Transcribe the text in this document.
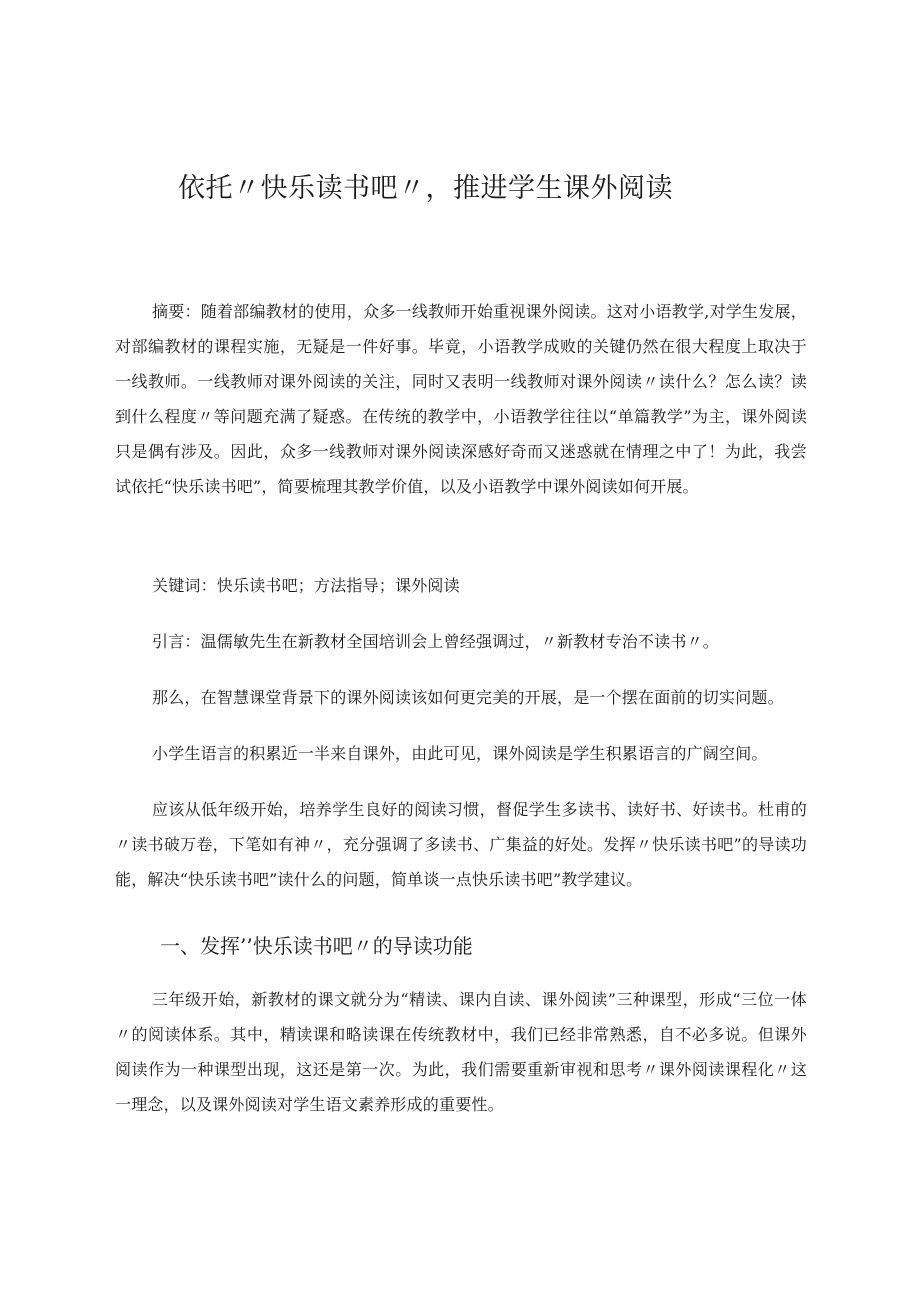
依托〃快乐读书吧〃，推进学生课外阅读

摘要：随着部编教材的使用，众多一线教师开始重视课外阅读。这对小语教学,对学生发展，对部编教材的课程实施，无疑是一件好事。毕竟，小语教学成败的关键仍然在很大程度上取决于一线教师。一线教师对课外阅读的关注，同时又表明一线教师对课外阅读〃读什么？怎么读？读到什么程度〃等问题充满了疑惑。在传统的教学中，小语教学往往以“单篇教学”为主，课外阅读只是偶有涉及。因此，众多一线教师对课外阅读深感好奇而又迷惑就在情理之中了！为此，我尝试依托“快乐读书吧”，简要梳理其教学价值，以及小语教学中课外阅读如何开展。

关键词：快乐读书吧；方法指导；课外阅读

引言：温儒敏先生在新教材全国培训会上曾经强调过，〃新教材专治不读书〃。

那么，在智慧课堂背景下的课外阅读该如何更完美的开展，是一个摆在面前的切实问题。

小学生语言的积累近一半来自课外，由此可见，课外阅读是学生积累语言的广阔空间。

应该从低年级开始，培养学生良好的阅读习惯，督促学生多读书、读好书、好读书。杜甫的〃读书破万卷，下笔如有神〃，充分强调了多读书、广集益的好处。发挥〃快乐读书吧”的导读功能，解决“快乐读书吧”读什么的问题，简单谈一点快乐读书吧”教学建议。

一、发挥’’快乐读书吧〃的导读功能

三年级开始，新教材的课文就分为“精读、课内自读、课外阅读”三种课型，形成“三位一体〃的阅读体系。其中，精读课和略读课在传统教材中，我们已经非常熟悉，自不必多说。但课外阅读作为一种课型出现，这还是第一次。为此，我们需要重新审视和思考〃课外阅读课程化〃这一理念，以及课外阅读对学生语文素养形成的重要性。
